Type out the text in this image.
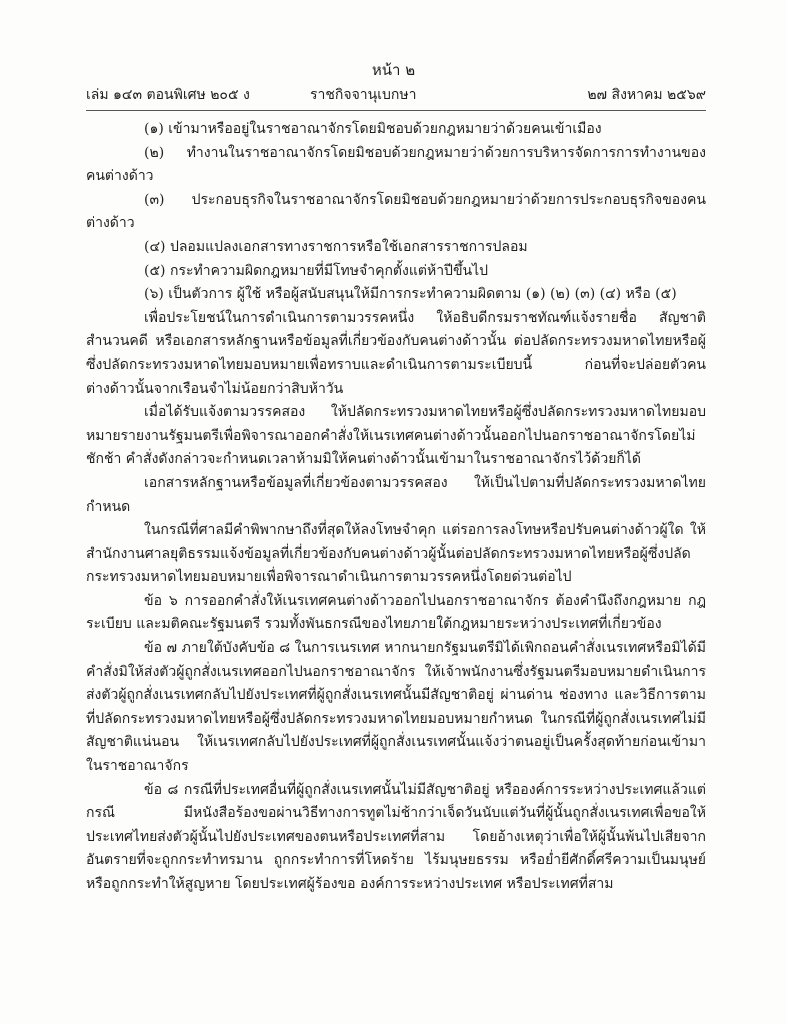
หน้า ๒
เล่ม ๑๔๓ ตอนพิเศษ ๒๐๕ ง	ราชกิจจานุเบกษา	๒๗ สิงหาคม ๒๕๖๙

(๑) เข้ามาหรืออยู่ในราชอาณาจักรโดยมิชอบด้วยกฎหมายว่าด้วยคนเข้าเมือง

(๒) ทำงานในราชอาณาจักรโดยมิชอบด้วยกฎหมายว่าด้วยการบริหารจัดการการทำงานของคนต่างด้าว

(๓) ประกอบธุรกิจในราชอาณาจักรโดยมิชอบด้วยกฎหมายว่าด้วยการประกอบธุรกิจของคนต่างด้าว

(๔) ปลอมแปลงเอกสารทางราชการหรือใช้เอกสารราชการปลอม

(๕) กระทำความผิดกฎหมายที่มีโทษจำคุกตั้งแต่ห้าปีขึ้นไป

(๖) เป็นตัวการ ผู้ใช้ หรือผู้สนับสนุนให้มีการกระทำความผิดตาม (๑) (๒) (๓) (๔) หรือ (๕)

เพื่อประโยชน์ในการดำเนินการตามวรรคหนึ่ง ให้อธิบดีกรมราชทัณฑ์แจ้งรายชื่อ สัญชาติ สำนวนคดี หรือเอกสารหลักฐานหรือข้อมูลที่เกี่ยวข้องกับคนต่างด้าวนั้น ต่อปลัดกระทรวงมหาดไทยหรือผู้ซึ่งปลัดกระทรวงมหาดไทยมอบหมายเพื่อทราบและดำเนินการตามระเบียบนี้ ก่อนที่จะปล่อยตัวคนต่างด้าวนั้นจากเรือนจำไม่น้อยกว่าสิบห้าวัน

เมื่อได้รับแจ้งตามวรรคสอง ให้ปลัดกระทรวงมหาดไทยหรือผู้ซึ่งปลัดกระทรวงมหาดไทยมอบหมายรายงานรัฐมนตรีเพื่อพิจารณาออกคำสั่งให้เนรเทศคนต่างด้าวนั้นออกไปนอกราชอาณาจักรโดยไม่ชักช้า คำสั่งดังกล่าวจะกำหนดเวลาห้ามมิให้คนต่างด้าวนั้นเข้ามาในราชอาณาจักรไว้ด้วยก็ได้

เอกสารหลักฐานหรือข้อมูลที่เกี่ยวข้องตามวรรคสอง ให้เป็นไปตามที่ปลัดกระทรวงมหาดไทยกำหนด

ในกรณีที่ศาลมีคำพิพากษาถึงที่สุดให้ลงโทษจำคุก แต่รอการลงโทษหรือปรับคนต่างด้าวผู้ใด ให้สำนักงานศาลยุติธรรมแจ้งข้อมูลที่เกี่ยวข้องกับคนต่างด้าวผู้นั้นต่อปลัดกระทรวงมหาดไทยหรือผู้ซึ่งปลัดกระทรวงมหาดไทยมอบหมายเพื่อพิจารณาดำเนินการตามวรรคหนึ่งโดยด่วนต่อไป

ข้อ ๖ การออกคำสั่งให้เนรเทศคนต่างด้าวออกไปนอกราชอาณาจักร ต้องคำนึงถึงกฎหมาย กฎระเบียบ และมติคณะรัฐมนตรี รวมทั้งพันธกรณีของไทยภายใต้กฎหมายระหว่างประเทศที่เกี่ยวข้อง

ข้อ ๗ ภายใต้บังคับข้อ ๘ ในการเนรเทศ หากนายกรัฐมนตรีมิได้เพิกถอนคำสั่งเนรเทศหรือมิได้มีคำสั่งมิให้ส่งตัวผู้ถูกสั่งเนรเทศออกไปนอกราชอาณาจักร ให้เจ้าพนักงานซึ่งรัฐมนตรีมอบหมายดำเนินการส่งตัวผู้ถูกสั่งเนรเทศกลับไปยังประเทศที่ผู้ถูกสั่งเนรเทศนั้นมีสัญชาติอยู่ ผ่านด่าน ช่องทาง และวิธีการตามที่ปลัดกระทรวงมหาดไทยหรือผู้ซึ่งปลัดกระทรวงมหาดไทยมอบหมายกำหนด ในกรณีที่ผู้ถูกสั่งเนรเทศไม่มีสัญชาติแน่นอน ให้เนรเทศกลับไปยังประเทศที่ผู้ถูกสั่งเนรเทศนั้นแจ้งว่าตนอยู่เป็นครั้งสุดท้ายก่อนเข้ามาในราชอาณาจักร

ข้อ ๘ กรณีที่ประเทศอื่นที่ผู้ถูกสั่งเนรเทศนั้นไม่มีสัญชาติอยู่ หรือองค์การระหว่างประเทศแล้วแต่กรณี มีหนังสือร้องขอผ่านวิธีทางการทูตไม่ช้ากว่าเจ็ดวันนับแต่วันที่ผู้นั้นถูกสั่งเนรเทศเพื่อขอให้ประเทศไทยส่งตัวผู้นั้นไปยังประเทศของตนหรือประเทศที่สาม โดยอ้างเหตุว่าเพื่อให้ผู้นั้นพ้นไปเสียจากอันตรายที่จะถูกกระทำทรมาน ถูกกระทำการที่โหดร้าย ไร้มนุษยธรรม หรือย่ำยีศักดิ์ศรีความเป็นมนุษย์ หรือถูกกระทำให้สูญหาย โดยประเทศผู้ร้องขอ องค์การระหว่างประเทศ หรือประเทศที่สาม
